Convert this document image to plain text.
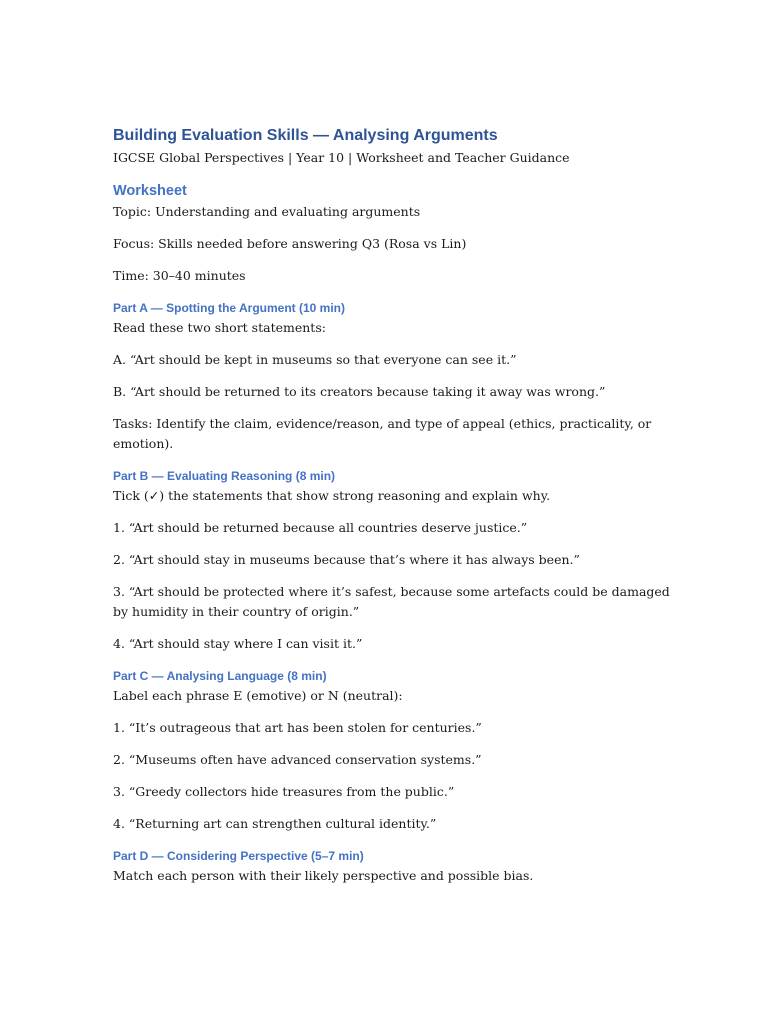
Building Evaluation Skills — Analysing Arguments

IGCSE Global Perspectives | Year 10 | Worksheet and Teacher Guidance

Worksheet

Topic: Understanding and evaluating arguments

Focus: Skills needed before answering Q3 (Rosa vs Lin)

Time: 30–40 minutes

Part A — Spotting the Argument (10 min)

Read these two short statements:

A. “Art should be kept in museums so that everyone can see it.”

B. “Art should be returned to its creators because taking it away was wrong.”

Tasks: Identify the claim, evidence/reason, and type of appeal (ethics, practicality, or emotion).

Part B — Evaluating Reasoning (8 min)

Tick (✓) the statements that show strong reasoning and explain why.

1. “Art should be returned because all countries deserve justice.”

2. “Art should stay in museums because that’s where it has always been.”

3. “Art should be protected where it’s safest, because some artefacts could be damaged by humidity in their country of origin.”

4. “Art should stay where I can visit it.”

Part C — Analysing Language (8 min)

Label each phrase E (emotive) or N (neutral):

1. “It’s outrageous that art has been stolen for centuries.”

2. “Museums often have advanced conservation systems.”

3. “Greedy collectors hide treasures from the public.”

4. “Returning art can strengthen cultural identity.”

Part D — Considering Perspective (5–7 min)

Match each person with their likely perspective and possible bias.
